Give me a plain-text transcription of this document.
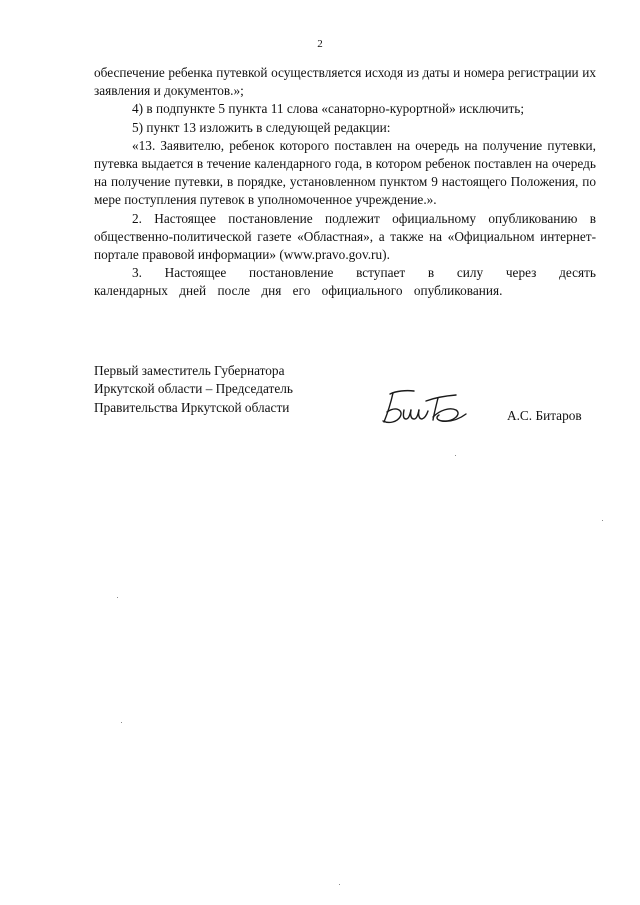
2

обеспечение ребенка путевкой осуществляется исходя из даты и номера регистрации их заявления и документов.»;

4) в подпункте 5 пункта 11 слова «санаторно-курортной» исключить;

5) пункт 13 изложить в следующей редакции:

«13. Заявителю, ребенок которого поставлен на очередь на получение путевки, путевка выдается в течение календарного года, в котором ребенок поставлен на очередь на получение путевки, в порядке, установленном пунктом 9 настоящего Положения, по мере поступления путевок в уполномоченное учреждение.».

2. Настоящее постановление подлежит официальному опубликованию в общественно-политической газете «Областная», а также на «Официальном интернет-портале правовой информации» (www.pravo.gov.ru).

3. Настоящее постановление вступает в силу через десять календарных дней после дня его официального опубликования.

Первый заместитель Губернатора
Иркутской области – Председатель
Правительства Иркутской области
А.С. Битаров
